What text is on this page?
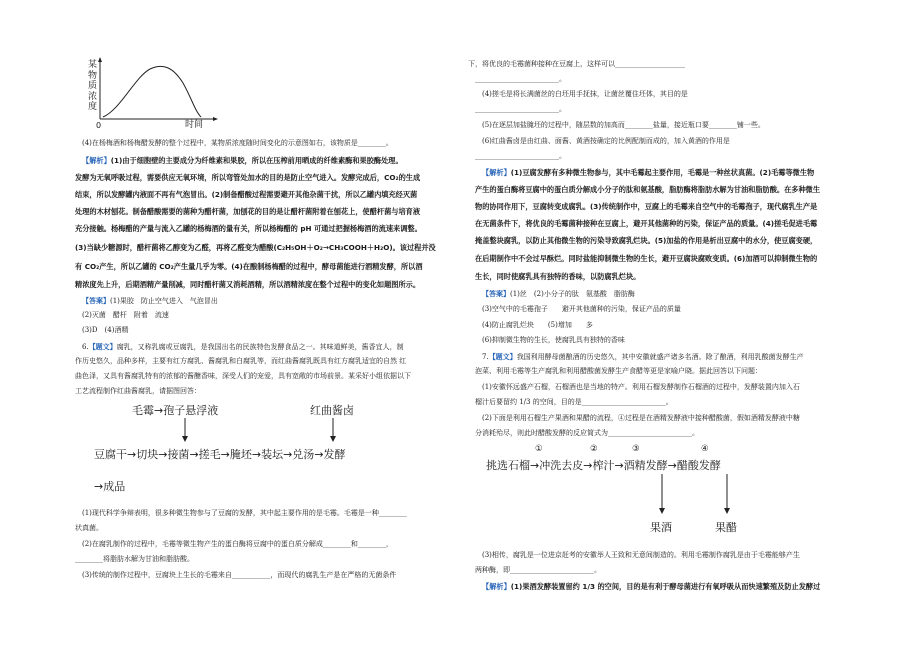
某物质浓度
0	时间
(4)在杨梅酒和杨梅醋发酵的整个过程中，某物质浓度随时间变化的示意图如右，该物质是________。
【解析】(1)由于细胞壁的主要成分为纤维素和果胶，所以在压榨前用晒成的纤维素酶和果胶酶处理。
发酵为无氧呼吸过程，需要供应无氧环境，所以弯管处加水的目的是防止空气进入。发酵完成后，CO₂的生成
结束，所以发酵罐内液面不再有气泡冒出。(2)制备醋酸过程需要避开其他杂菌干扰，所以乙罐内填充经灭菌
处理的木材刨花。制备醋酸需要的菌种为醋杆菌，加刨花的目的是让醋杆菌附着在刨花上，使醋杆菌与培育液
充分接触。杨梅醋的产量与流入乙罐的杨梅酒的量有关，所以杨梅醋的 pH 可通过把握杨梅酒的流速来调整。
(3)当缺少糖源时，醋杆菌将乙醇变为乙醛，再将乙醛变为醋酸(C₂H₅OH＋O₂→CH₃COOH＋H₂O)。该过程并没
有 CO₂产生，所以乙罐的 CO₂产生量几乎为零。(4)在酿制杨梅醋的过程中，酵母菌能进行酒精发酵，所以酒
精浓度先上升，后期酒精产量削减，同时醋杆菌又消耗酒精，所以酒精浓度在整个过程中的变化如题图所示。
【答案】(1)果胶　防止空气进入　气泡冒出
(2)灭菌　醋杆　附着　流速
(3)D　(4)酒精
6.【题文】腐乳，又称乳腐或豆腐乳，是我国出名的民族特色发酵食品之一。其味道鲜美，酱香宜人，制
作历史悠久，品种多样，主要有红方腐乳、酱腐乳和白腐乳等，而红曲酱腐乳既具有红方腐乳适宜的自然 红
曲色泽，又具有酱腐乳特有的浓郁的酱醣香味，深受人们的宠爱，具有宽敞的市场前景。某采好小组依据以下
工艺流程制作红曲酱腐乳，请据图回答：
毛霉→孢子悬浮液	红曲酱卤
豆腐干→切块→接菌→搓毛→腌坯→装坛→兑汤→发酵
→成品
(1)现代科学争辩表明，很多种微生物参与了豆腐的发酵，其中起主要作用的是毛霉。毛霉是一种________
状真菌。
(2)在腐乳制作的过程中，毛霉等微生物产生的蛋白酶将豆腐中的蛋白质分解成________和________，
________将脂肪水解为甘油和脂肪酸。
(3)传统的制作过程中，豆腐块上生长的毛霉来自___________，而现代的腐乳生产是在严格的无菌条件
下，将优良的毛霉菌种接种在豆腐上，这样可以____________________
________________________。
(4)搓毛是将长满菌丝的白坯用手抚抹，让菌丝覆住坯体，其目的是
________________________。
(5)在逐层加盐腌坯的过程中，随层数的加高而________盐量，接近瓶口要________铺一些。
(6)红曲酱卤是由红曲、面酱、黄酒按确定的比例配制而成的，加入黄酒的作用是
________________________。
【解析】(1)豆腐发酵有多种微生物参与，其中毛霉起主要作用，毛霉是一种丝状真菌。(2)毛霉等微生物
产生的蛋白酶将豆腐中的蛋白质分解成小分子的肽和氨基酸，脂肪酶将脂肪水解为甘油和脂肪酸。在多种微生
物的协同作用下，豆腐转变成腐乳。(3)传统制作中，豆腐上的毛霉来自空气中的毛霉孢子，现代腐乳生产是
在无菌条件下，将优良的毛霉菌种接种在豆腐上，避开其他菌种的污染，保证产品的质量。(4)搓毛促进毛霉
掩盖整块腐乳，以防止其他微生物的污染导致腐乳烂块。(5)加盐的作用是析出豆腐中的水分，使豆腐变硬，
在后期制作中不会过早酥烂。同时盐能抑制微生物的生长，避开豆腐块腐败变质。(6)加酒可以抑制微生物的
生长，同时使腐乳具有独特的香味，以防腐乳烂块。
【答案】(1)丝　(2)小分子的肽　氨基酸　脂肪酶
(3)空气中的毛霉孢子　　避开其他菌种的污染，保证产品的质量
(4)防止腐乳烂块　　(5)增加　　多
(6)抑制微生物的生长，使腐乳具有独特的香味
7.【题文】我国利用酵母菌酿酒的历史悠久，其中安徽就盛产诸多名酒。除了酿酒，利用乳酸菌发酵生产
泡菜、利用毛霉等生产腐乳和利用醋酸菌发酵生产食醋等更是家喻户晓。据此回答以下问题：
(1)安徽怀远盛产石榴，石榴酒也是当地的特产。利用石榴发酵制作石榴酒的过程中，发酵装置内加入石
榴汁后要留约 1/3 的空间，目的是________________________。
(2)下面是利用石榴生产果酒和果醋的流程，④过程是在酒精发酵液中接种醋酸菌，假如酒精发酵液中糖
分消耗殆尽，则此时醋酸发酵的反应简式为________________________。
①	②	③	④
挑选石榴→冲洗去皮→榨汁→酒精发酵→醋酸发酵
果酒	果醋
(3)相传，腐乳是一位进京赶考的安徽举人王致和无意间制造的。利用毛霉制作腐乳是由于毛霉能够产生
两种酶，即________________________。
【解析】(1)果酒发酵装置留约 1/3 的空间，目的是有利于酵母菌进行有氧呼吸从而快速繁殖及防止发酵过
